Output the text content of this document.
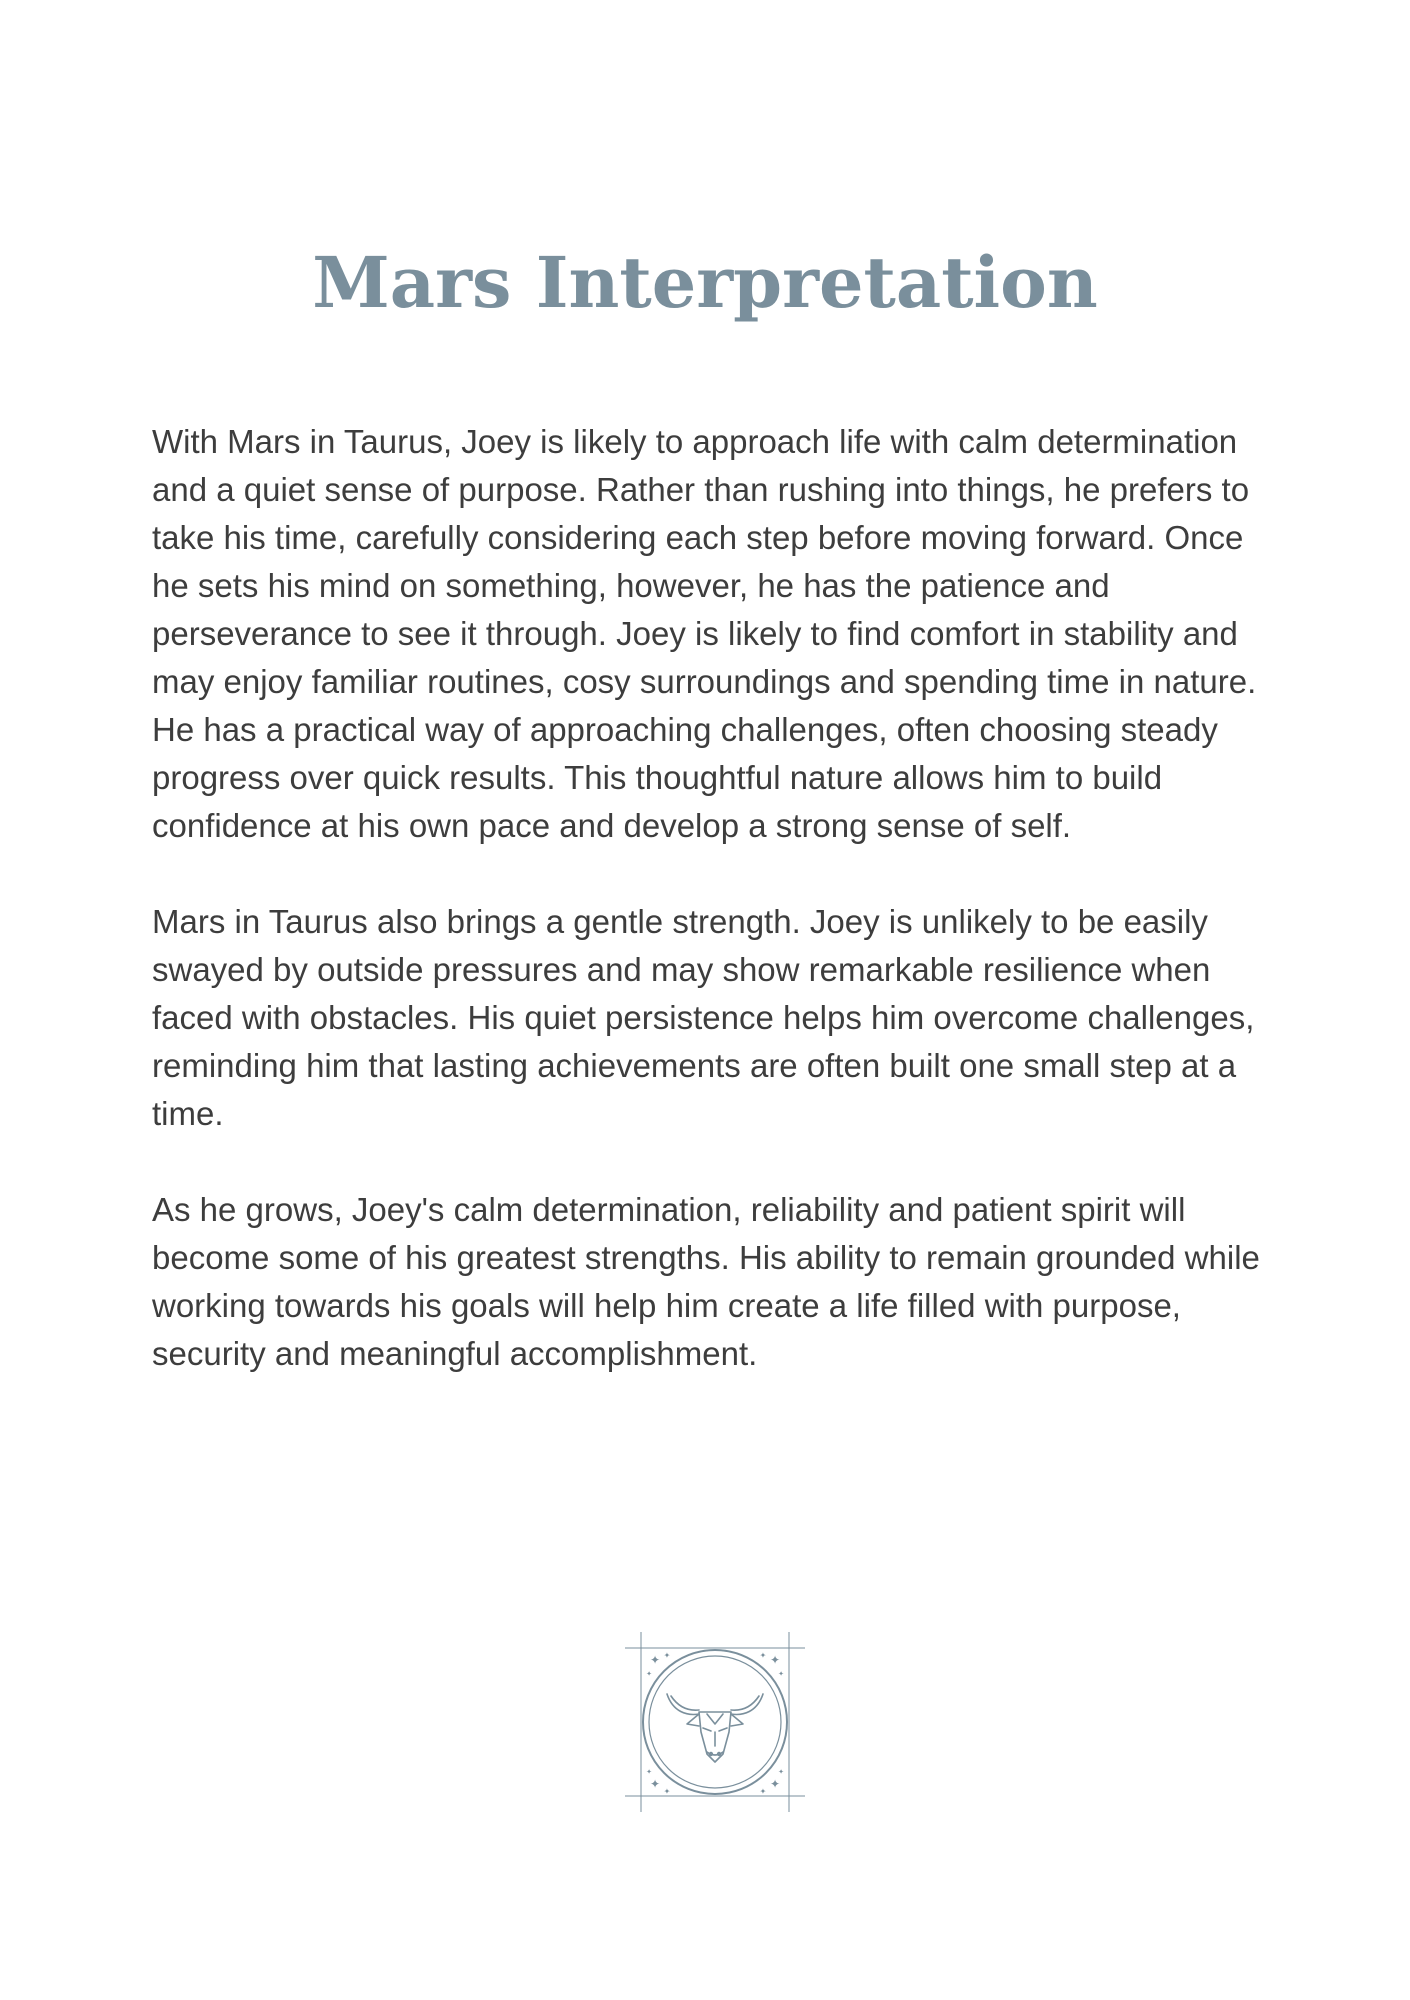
Mars Interpretation

With Mars in Taurus, Joey is likely to approach life with calm determination and a quiet sense of purpose. Rather than rushing into things, he prefers to take his time, carefully considering each step before moving forward. Once he sets his mind on something, however, he has the patience and perseverance to see it through. Joey is likely to find comfort in stability and may enjoy familiar routines, cosy surroundings and spending time in nature. He has a practical way of approaching challenges, often choosing steady progress over quick results. This thoughtful nature allows him to build confidence at his own pace and develop a strong sense of self.

Mars in Taurus also brings a gentle strength. Joey is unlikely to be easily swayed by outside pressures and may show remarkable resilience when faced with obstacles. His quiet persistence helps him overcome challenges, reminding him that lasting achievements are often built one small step at a time.

As he grows, Joey's calm determination, reliability and patient spirit will become some of his greatest strengths. His ability to remain grounded while working towards his goals will help him create a life filled with purpose, security and meaningful accomplishment.

✦ ✦	✦
✦
✦
✦
✦
✦
✦	✦
✦	✦
